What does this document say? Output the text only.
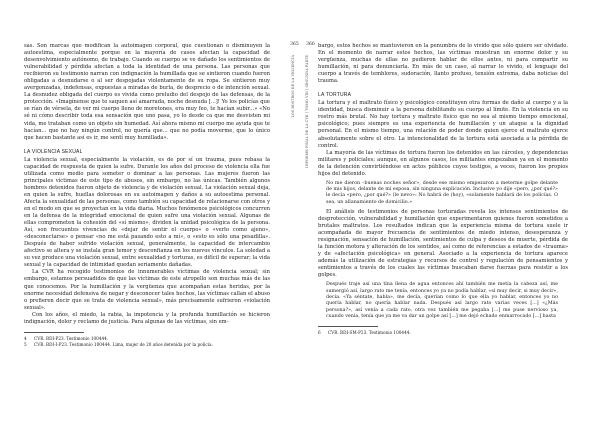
sas. Son marcas que modifican la autoimagen corporal, que cuestionan o disminuyen la autoestima, especialmente porque en la mayoría de casos afectan la capacidad de desenvolvimiento autónomo, de trabajo. Cuando se cuerpo se ve dañado los sentimientos de vulnerabilidad y pérdida afectan a toda la identidad de una persona. Las personas que recibieron su testimonio narran con indignación la humillada que se sintieron cuando fueron obligadas a desnudarse o al ser despojadas violentamente de su ropa. Se sintieron muy avergonzadas, indefensas, expuestas a miradas de burla, de desprecio o de intención sexual. La desnudez obligada del cuerpo es vivida como preludio del despojo de las defensas, de la protección. «Imagínense que te saquen así amarrada, noche desnuda [...]! Yo los policías que se rían de vérsela, de ver mi cuerpo lleno de moretones, era muy feo, te hacían subir...» «No sé ni cómo describir toda esa sensación que uno pasa, yo lo desde ca que me desvisten mi vida, me trataban como un objeto sin humedad. Así ahora mismo mi cuerpo me ayuda que te hacían... que no hay ningún control, no quería que... que no podía moverme, que lo único que hacen bastante así es ir, me sentí muy humillada».

LA VIOLENCIA SEXUAL

La violencia sexual, especialmente la violación, es de por sí un trauma, pues rebasa la capacidad de respuesta de quien la sufre. Durante los años del proceso de violencia ella fue utilizada como medio para someter o dominar a las personas. Las mujeres fueron las principales víctimas de este tipo de abusos, sin embargo, no las únicas. También algunos hombres detenidos fueron objeto de violencia y de violación sexual. La violación sexual deja, en quien la sufre, huellas dolorosas en su autoimagen y daños a su autoestima personal. Afecta la sexualidad de las personas, como también su capacidad de relacionarse con otros y en el modo en que se proyectan en la vida diaria. Muchos fenómenos psicológicos concurren en la defensa de la integridad emocional de quien sufre una violación sexual. Algunas de ellas comprometen la cohesión del «sí mismo», dividen la unidad psicológica de la persona. Así, son frecuentes vivencias de «dejar de sentir el cuerpo» o «verlo como ajeno», «desconectarse» o pensar «no me está pasando esto a mí», o «esto es sólo una pesadilla». Después de haber sufrido violación sexual, generalmente, la capacidad de intercambio afectivo se altera y se instala gran temor y desconfianza en los nuevos vínculos. La soledad a su vez produce una violación sexual, entre sexualidad y torturas, es difícil de superar; la vida sexual y la capacidad de intimidad quedan seriamente dañadas.

La CVR ha recogido testimonios de innumerables víctimas de violencia sexual; sin embargo, estamos persuadidos de que las víctimas de este atropello son muchas más de las que conocemos. Por la humillación y la vergüenza que acompañan estas heridas, por la enorme necesidad defensiva de negar y desconocer tales hechos, las víctimas callan el abuso o prefieren decir que se trata de violencia sexual», más precisamente sufrieron «violación sexual».

Con los años, el miedo, la rabia, la impotencia y la profunda humillación se hicieron indignación, dolor y reclamo de justicia. Para algunas de las víctimas, sin em-

4 CVR. BDI-P23. Testimonio 100444.

5 CVR. BDI-I-P23. Testimonio 100444. Lima, mujer de 20 años detenida por la policía.

365 366
LOS ROSTROS DE LA VIOLENCIA	INFORME FINAL DE LA CVR | TOMO VIII | SEGUNDA PARTE

bargo, estos hechos se mantuvieron en la penumbra de lo vivido que sólo quiere ser olvidado. En el momento de narrar estos hechos, las víctimas muestran un enorme dolor y su vergüenza, muchas de ellas no pudieron hablar de ellos antes, ni para compartir su humillación, ni para denunciarla. En más de un caso, al narrar lo vivido, el lenguaje del cuerpo a través de temblores, sudoración, llanto profuso, tensión extrema, daba noticias del trauma.

LA TORTURA

La tortura y el maltrato físico y psicológico constituyen otra formas de daño al cuerpo y a la identidad, busca disminuir a la persona debilitando su cuerpo al límite. En la violencia en su rostro más brutal. No hay tortura y maltrato físico que no sea al mismo tiempo emocional, psicológico; pues siempre es una experiencia de humillación y un ataque a la dignidad personal. En el mismo tiempo, una relación de poder donde quien ejerce el maltrato ejerce absolutamente sobre el otro. La intencionalidad de la tortura está asociada a la pérdida de control.

La mayoría de las víctimas de tortura fueron los detenidos en las cárceles, y dependencias militares y policiales; aunque, en algunos casos, los militantes empezaban ya en el momento de la detención convirtiéndose en actos públicos cuyos testigos, a veces, fueron los propios hijos del detenido.

No me dieron –buenas noches señor», desde ese mismo empezaron a meterme golpe delante de mis hijos, delante de mi esposa, sin ninguna explicación. Inclusive yo dije «pero, ¿por qué?» le decía «pero, ¿por qué?» (le nevo»: No habrá de (hoy), «solamente hablará de los policías. O sea, un allanamiento de domicilio.»

El análisis de testimonios de personas torturadas revela los intensos sentimientos de desprotección, vulnerabilidad y humillación que experimentaron quienes fueron sometidos a brutales maltratos. Los resultados indican que la experiencia misma de tortura suele ir acompañada de mayor frecuencia de sentimientos de miedo intenso, desesperanza y resignación, sensación de humillación, sentimientos de culpa y deseos de muerte, pérdida de la función motora y alteración de los sentidos, así como de referencias a estados de «trauma» y de «afectación psicológica» en general. Asociado a la experiencia de tortura aparece además la utilización de estrategias y recursos de control y regulación de pensamientos y sentimientos a través de los cuales las víctimas buscaban darse fuerzas para resistir a los golpes.

Después traje así una tina llena de agua entonces ahí también me metía la cabeza así, me sumergió así, largo rato me tenía, entonces yo ya no podía hablar, «sí muy decir, si muy decir», decía. «Ya séntate, habla», me decía, querían como lo que ella yo hablar, entonces yo no quería hablar, no quería hablar nada. Después así largo rato varias veces [...] «¿Más persona?», así venía a cada rato, otra vez también me pegaba [...] me puse nervioso ya, cuando venía, tenía que ya me va dar un golpe así [...] me dejó echado enmarrocado [...] hasta

6 CVR. BDI-SM-P23. Testimonio 100444.
